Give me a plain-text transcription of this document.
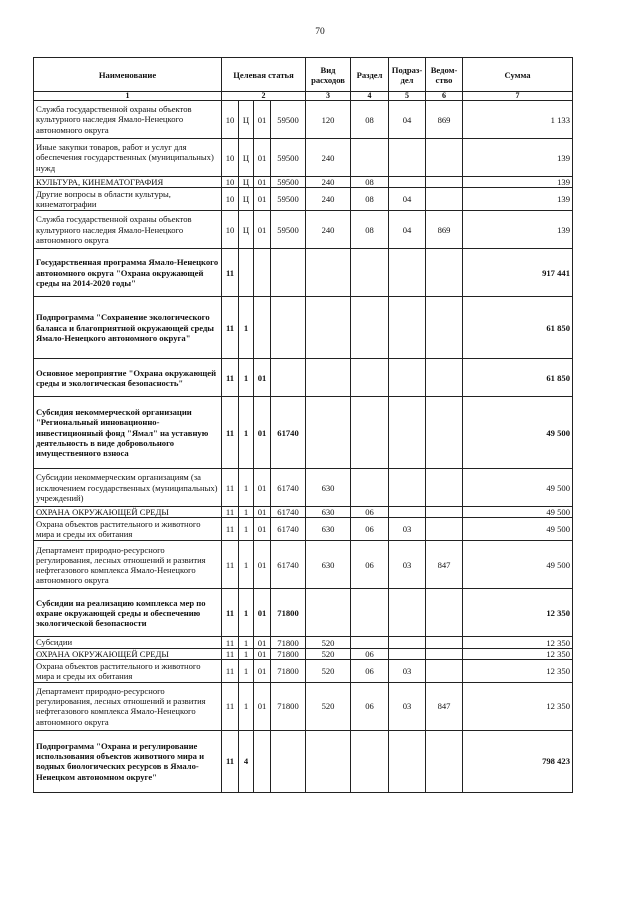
70
Наименование	Целевая статья				Вид расходов	Раздел	Подраз-дел	Ведом-ство	Сумма
1	2				3	4	5	6	7
Служба государственной охраны объектов культурного наследия Ямало-Ненецкого автономного округа	10	Ц	01	59500	120	08	04	869	1 133
Иные закупки товаров, работ и услуг для обеспечения государственных (муниципальных) нужд	10	Ц	01	59500	240				139
КУЛЬТУРА, КИНЕМАТОГРАФИЯ	10	Ц	01	59500	240	08			139
Другие вопросы в области культуры, кинематографии	10	Ц	01	59500	240	08	04		139
Служба государственной охраны объектов культурного наследия Ямало-Ненецкого автономного округа	10	Ц	01	59500	240	08	04	869	139
Государственная программа Ямало-Ненецкого автономного округа "Охрана окружающей среды на 2014-2020 годы"	11								917 441
Подпрограмма "Сохранение экологического баланса и благоприятной окружающей среды Ямало-Ненецкого автономного округа"	11	1							61 850
Основное мероприятие "Охрана окружающей среды и экологическая безопасность"	11	1	01						61 850
Субсидия некоммерческой организации "Региональный инновационно-инвестиционный фонд "Ямал" на уставную деятельность в виде добровольного имущественного взноса	11	1	01	61740					49 500
Субсидии некоммерческим организациям (за исключением государственных (муниципальных) учреждений)	11	1	01	61740	630				49 500
ОХРАНА ОКРУЖАЮЩЕЙ СРЕДЫ	11	1	01	61740	630	06			49 500
Охрана объектов растительного и животного мира и среды их обитания	11	1	01	61740	630	06	03		49 500
Департамент природно-ресурсного регулирования, лесных отношений и развития нефтегазового комплекса Ямало-Ненецкого автономного округа	11	1	01	61740	630	06	03	847	49 500
Субсидии на реализацию комплекса мер по охране окружающей среды и обеспечению экологической безопасности	11	1	01	71800					12 350
Субсидии	11	1	01	71800	520				12 350
ОХРАНА ОКРУЖАЮЩЕЙ СРЕДЫ	11	1	01	71800	520	06			12 350
Охрана объектов растительного и животного мира и среды их обитания	11	1	01	71800	520	06	03		12 350
Департамент природно-ресурсного регулирования, лесных отношений и развития нефтегазового комплекса Ямало-Ненецкого автономного округа	11	1	01	71800	520	06	03	847	12 350
Подпрограмма "Охрана и регулирование использования объектов животного мира и водных биологических ресурсов в Ямало-Ненецком автономном округе"	11	4							798 423
